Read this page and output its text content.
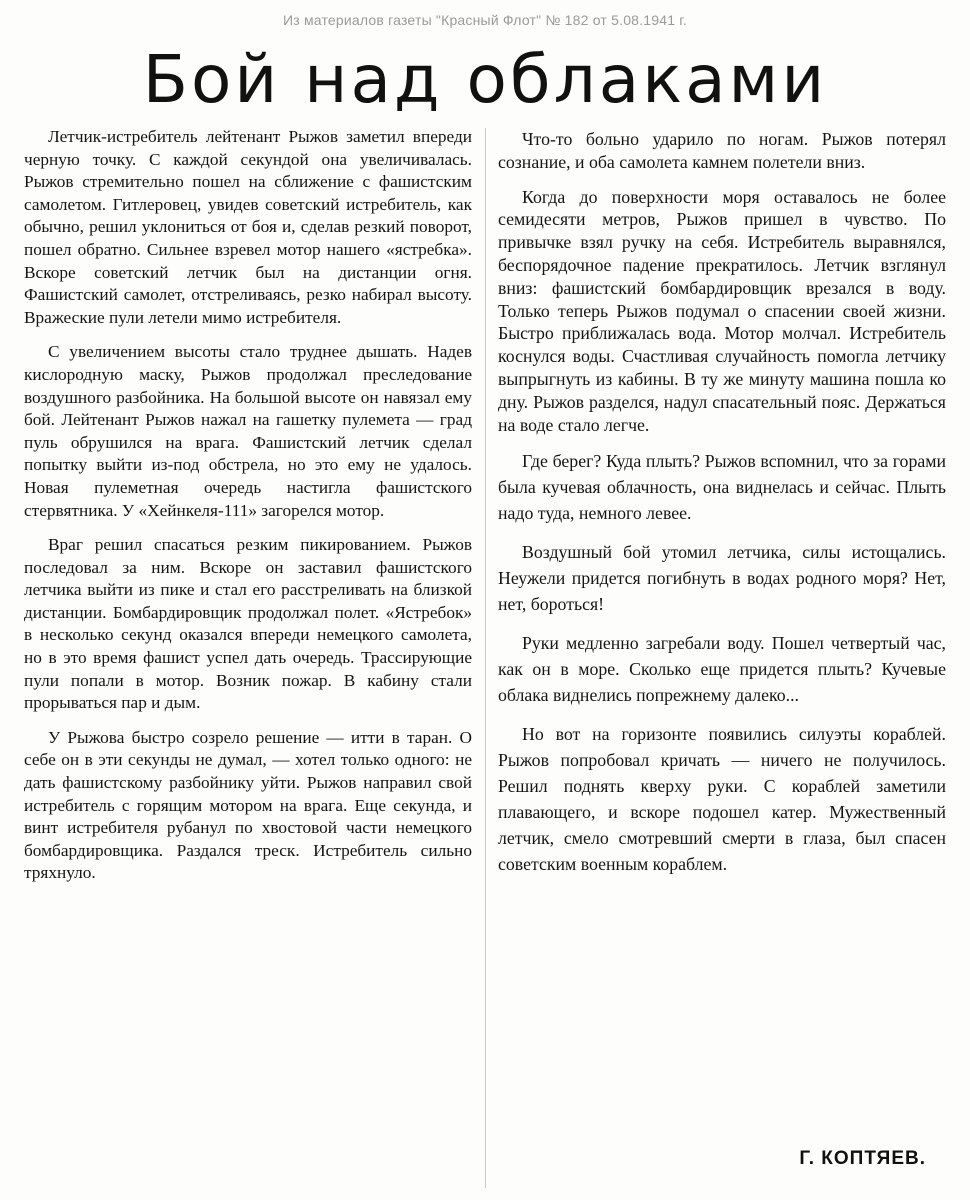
Из материалов газеты "Красный Флот" № 182 от 5.08.1941 г.
Бой над облаками

Летчик-истребитель лейтенант Рыжов заметил впереди черную точку. С каждой секундой она увеличивалась. Рыжов стремительно пошел на сближение с фашистским самолетом. Гитлеровец, увидев советский истребитель, как обычно, решил уклониться от боя и, сделав резкий поворот, пошел обратно. Сильнее взревел мотор нашего «ястребка». Вскоре советский летчик был на дистанции огня. Фашистский самолет, отстреливаясь, резко набирал высоту. Вражеские пули летели мимо истребителя.

С увеличением высоты стало труднее дышать. Надев кислородную маску, Рыжов продолжал преследование воздушного разбойника. На большой высоте он навязал ему бой. Лейтенант Рыжов нажал на гашетку пулемета — град пуль обрушился на врага. Фашистский летчик сделал попытку выйти из-под обстрела, но это ему не удалось. Новая пулеметная очередь настигла фашистского стервятника. У «Хейнкеля-111» загорелся мотор.

Враг решил спасаться резким пикированием. Рыжов последовал за ним. Вскоре он заставил фашистского летчика выйти из пике и стал его расстреливать на близкой дистанции. Бомбардировщик продолжал полет. «Ястребок» в несколько секунд оказался впереди немецкого самолета, но в это время фашист успел дать очередь. Трассирующие пули попали в мотор. Возник пожар. В кабину стали прорываться пар и дым.

У Рыжова быстро созрело решение — итти в таран. О себе он в эти секунды не думал, — хотел только одного: не дать фашистскому разбойнику уйти. Рыжов направил свой истребитель с горящим мотором на врага. Еще секунда, и винт истребителя рубанул по хвостовой части немецкого бомбардировщика. Раздался треск. Истребитель сильно тряхнуло.

Что-то больно ударило по ногам. Рыжов потерял сознание, и оба самолета камнем полетели вниз.

Когда до поверхности моря оставалось не более семидесяти метров, Рыжов пришел в чувство. По привычке взял ручку на себя. Истребитель выравнялся, беспорядочное падение прекратилось. Летчик взглянул вниз: фашистский бомбардировщик врезался в воду. Только теперь Рыжов подумал о спасении своей жизни. Быстро приближалась вода. Мотор молчал. Истребитель коснулся воды. Счастливая случайность помогла летчику выпрыгнуть из кабины. В ту же минуту машина пошла ко дну. Рыжов разделся, надул спасательный пояс. Держаться на воде стало легче.

Где берег? Куда плыть? Рыжов вспомнил, что за горами была кучевая облачность, она виднелась и сейчас. Плыть надо туда, немного левее.

Воздушный бой утомил летчика, силы истощались. Неужели придется погибнуть в водах родного моря? Нет, нет, бороться!

Руки медленно загребали воду. Пошел четвертый час, как он в море. Сколько еще придется плыть? Кучевые облака виднелись попрежнему далеко...

Но вот на горизонте появились силуэты кораблей. Рыжов попробовал кричать — ничего не получилось. Решил поднять кверху руки. С кораблей заметили плавающего, и вскоре подошел катер. Мужественный летчик, смело смотревший смерти в глаза, был спасен советским военным кораблем.

Г. КОПТЯЕВ.
